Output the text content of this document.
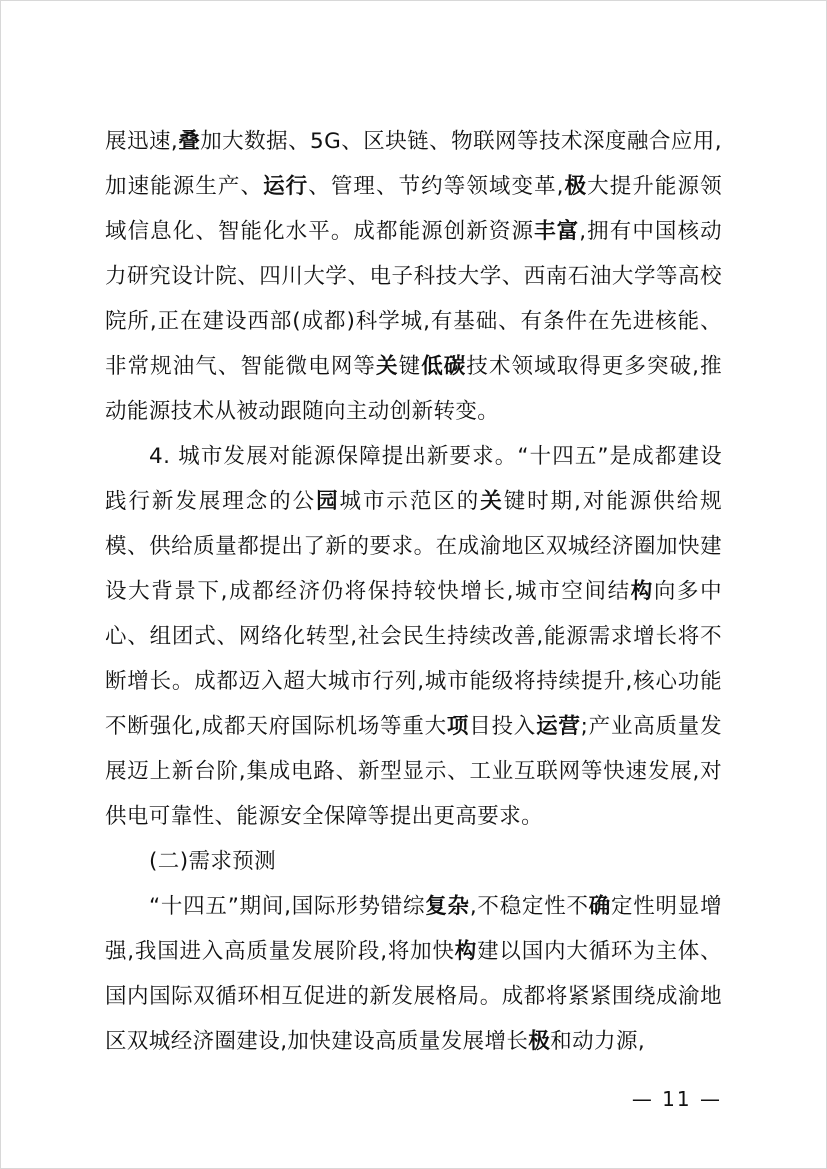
展迅速,叠加大数据、5G、区块链、物联网等技术深度融合应用,加速能源生产、运行、管理、节约等领域变革,极大提升能源领域信息化、智能化水平。成都能源创新资源丰富,拥有中国核动力研究设计院、四川大学、电子科技大学、西南石油大学等高校院所,正在建设西部(成都)科学城,有基础、有条件在先进核能、非常规油气、智能微电网等关键低碳技术领域取得更多突破,推动能源技术从被动跟随向主动创新转变。

4. 城市发展对能源保障提出新要求。“十四五”是成都建设践行新发展理念的公园城市示范区的关键时期,对能源供给规模、供给质量都提出了新的要求。在成渝地区双城经济圈加快建设大背景下,成都经济仍将保持较快增长,城市空间结构向多中心、组团式、网络化转型,社会民生持续改善,能源需求增长将不断增长。成都迈入超大城市行列,城市能级将持续提升,核心功能不断强化,成都天府国际机场等重大项目投入运营;产业高质量发展迈上新台阶,集成电路、新型显示、工业互联网等快速发展,对供电可靠性、能源安全保障等提出更高要求。

(二)需求预测

“十四五”期间,国际形势错综复杂,不稳定性不确定性明显增强,我国进入高质量发展阶段,将加快构建以国内大循环为主体、国内国际双循环相互促进的新发展格局。成都将紧紧围绕成渝地区双城经济圈建设,加快建设高质量发展增长极和动力源,

— 11 —
